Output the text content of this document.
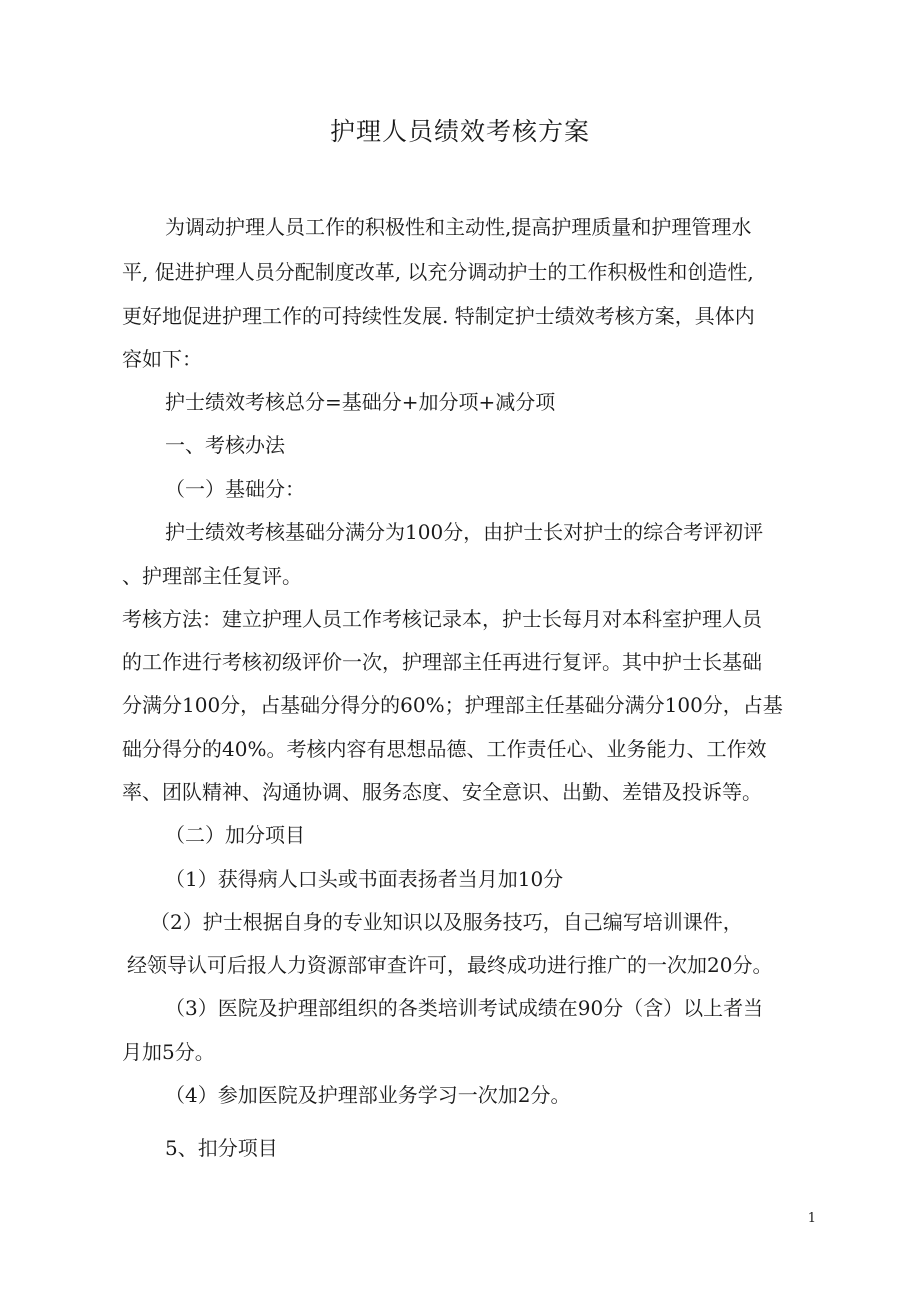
护理人员绩效考核方案
为调动护理人员工作的积极性和主动性,提高护理质量和护理管理水
平, 促进护理人员分配制度改革, 以充分调动护士的工作积极性和创造性,
更好地促进护理工作的可持续性发展. 特制定护士绩效考核方案，具体内
容如下：
护士绩效考核总分=基础分+加分项+减分项
一、考核办法
（一）基础分：
护士绩效考核基础分满分为100分，由护士长对护士的综合考评初评
、护理部主任复评。
考核方法：建立护理人员工作考核记录本，护士长每月对本科室护理人员
的工作进行考核初级评价一次，护理部主任再进行复评。其中护士长基础
分满分100分，占基础分得分的60%；护理部主任基础分满分100分，占基
础分得分的40%。考核内容有思想品德、工作责任心、业务能力、工作效
率、团队精神、沟通协调、服务态度、安全意识、出勤、差错及投诉等。
（二）加分项目
（1）获得病人口头或书面表扬者当月加10分
（2）护士根据自身的专业知识以及服务技巧，自己编写培训课件，
经领导认可后报人力资源部审查许可，最终成功进行推广的一次加20分。
（3）医院及护理部组织的各类培训考试成绩在90分（含）以上者当
月加5分。
（4）参加医院及护理部业务学习一次加2分。
5、扣分项目
1
